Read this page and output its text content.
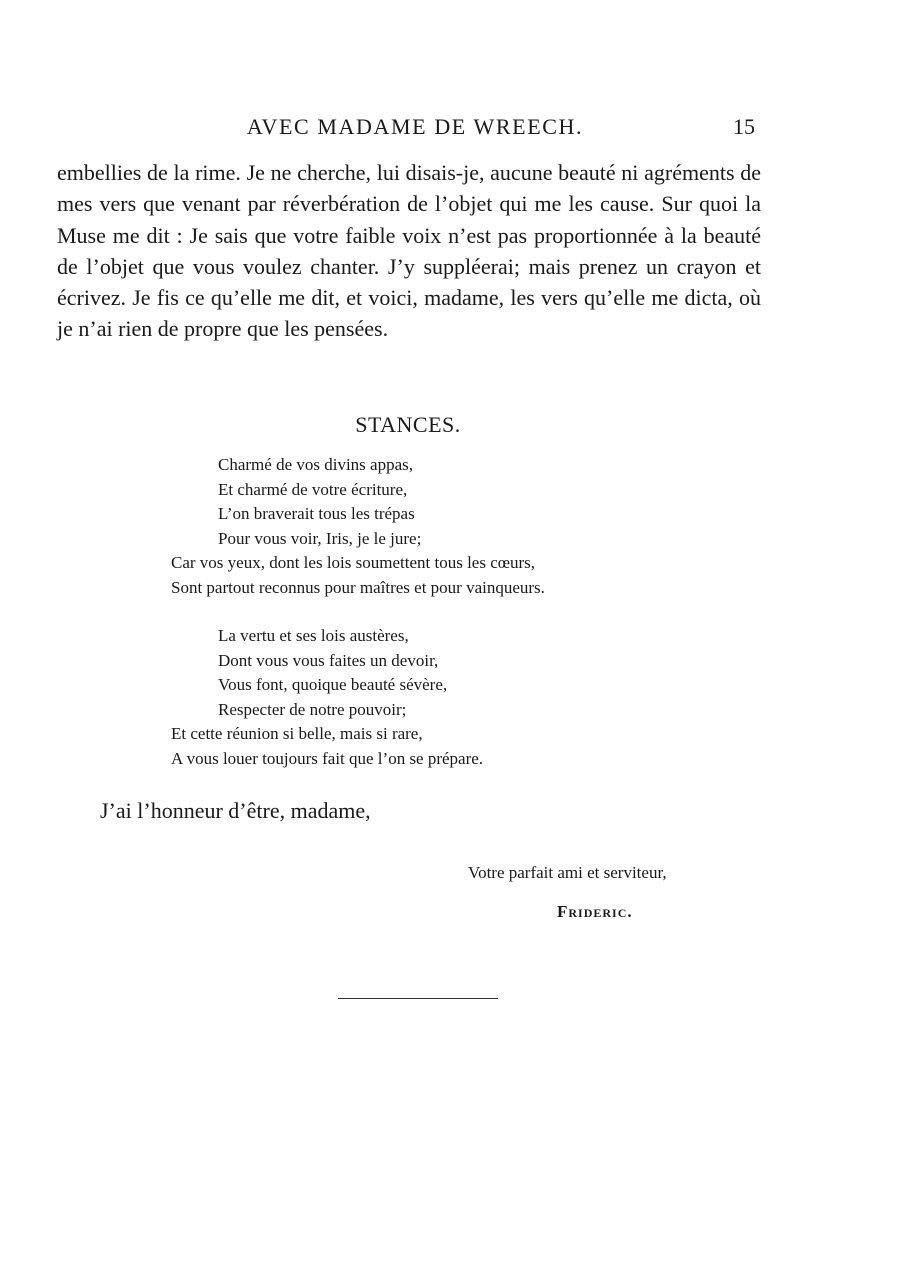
AVEC MADAME DE WREECH.	15

embellies de la rime. Je ne cherche, lui disais-je, aucune beauté ni agréments de mes vers que venant par réverbération de l’objet qui me les cause. Sur quoi la Muse me dit : Je sais que votre faible voix n’est pas proportionnée à la beauté de l’objet que vous voulez chanter. J’y suppléerai; mais prenez un crayon et écrivez. Je fis ce qu’elle me dit, et voici, madame, les vers qu’elle me dicta, où je n’ai rien de propre que les pensées.

STANCES.
Charmé de vos divins appas,
Et charmé de votre écriture,
L’on braverait tous les trépas
Pour vous voir, Iris, je le jure;
Car vos yeux, dont les lois soumettent tous les cœurs,
Sont partout reconnus pour maîtres et pour vainqueurs.
La vertu et ses lois austères,
Dont vous vous faites un devoir,
Vous font, quoique beauté sévère,
Respecter de notre pouvoir;
Et cette réunion si belle, mais si rare,
A vous louer toujours fait que l’on se prépare.
J’ai l’honneur d’être, madame,
Votre parfait ami et serviteur,
Frideric.
